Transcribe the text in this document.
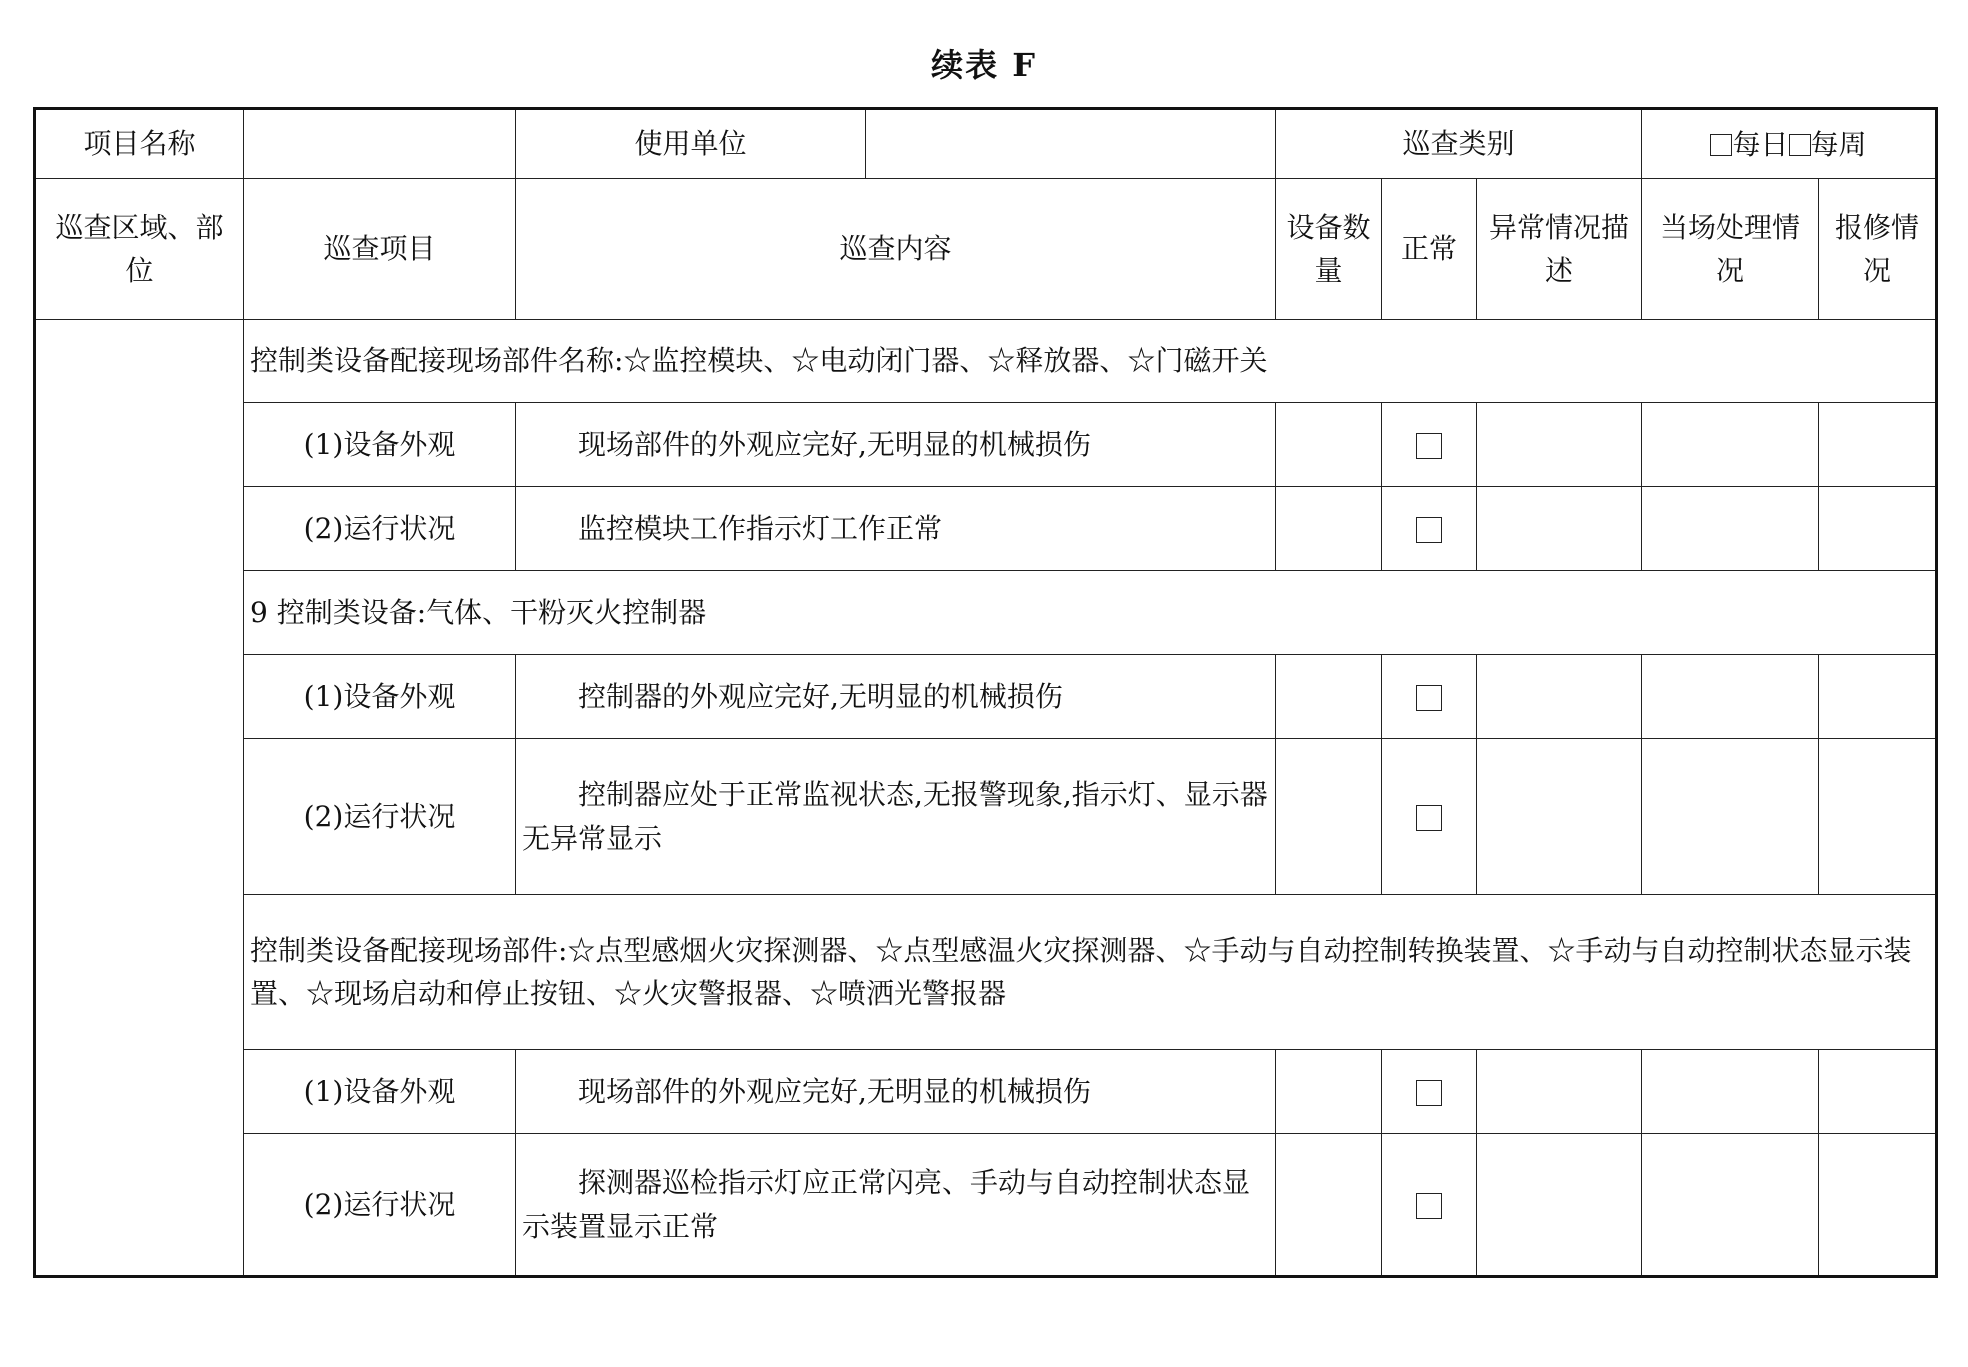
续表 F
项目名称		使用单位		巡查类别			每日 每周	
巡查区域、部位	巡查项目	巡查内容		设备数量	正常	异常情况描述	当场处理情况	报修情况
	控制类设备配接现场部件名称:☆监控模块、☆电动闭门器、☆释放器、☆门磁开关							
	(1)设备外观	现场部件的外观应完好,无明显的机械损伤						
	(2)运行状况	监控模块工作指示灯工作正常						
	9 控制类设备:气体、干粉灭火控制器							
	(1)设备外观	控制器的外观应完好,无明显的机械损伤						
	(2)运行状况	控制器应处于正常监视状态,无报警现象,指示灯、显示器无异常显示						
	控制类设备配接现场部件:☆点型感烟火灾探测器、☆点型感温火灾探测器、☆手动与自动控制转换装置、☆手动与自动控制状态显示装置、☆现场启动和停止按钮、☆火灾警报器、☆喷洒光警报器							
	(1)设备外观	现场部件的外观应完好,无明显的机械损伤						
	(2)运行状况	探测器巡检指示灯应正常闪亮、手动与自动控制状态显示装置显示正常						
